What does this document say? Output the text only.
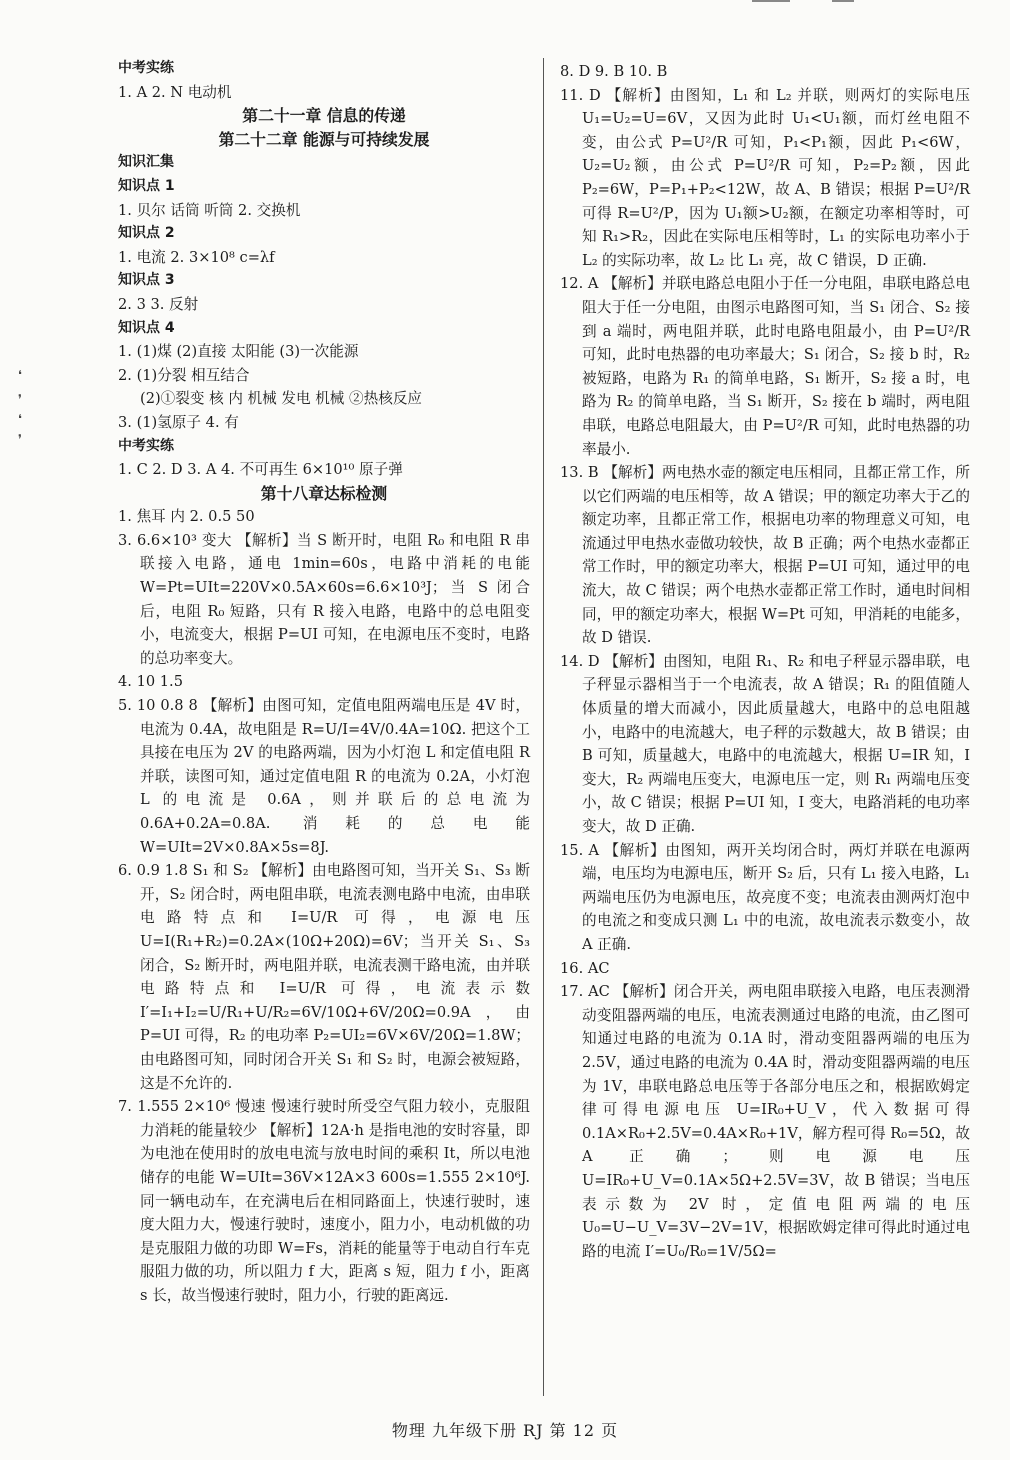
❛
❜
❛
❜
中考实练
1. A 2. N 电动机
第二十一章 信息的传递
第二十二章 能源与可持续发展
知识汇集
知识点 1
1. 贝尔 话筒 听筒 2. 交换机
知识点 2
1. 电流 2. 3×10⁸ c=λf
知识点 3
2. 3 3. 反射
知识点 4
1. (1)煤 (2)直接 太阳能 (3)一次能源
2. (1)分裂 相互结合
(2)①裂变 核 内 机械 发电 机械 ②热核反应
3. (1)氢原子 4. 有
中考实练
1. C 2. D 3. A 4. 不可再生 6×10¹⁰ 原子弹
第十八章达标检测
1. 焦耳 内 2. 0.5 50
3. 6.6×10³ 变大 【解析】当 S 断开时，电阻 R₀ 和电阻 R 串联接入电路，通电 1min=60s，电路中消耗的电能 W=Pt=UIt=220V×0.5A×60s=6.6×10³J；当 S 闭合后，电阻 R₀ 短路，只有 R 接入电路，电路中的总电阻变小，电流变大，根据 P=UI 可知，在电源电压不变时，电路的总功率变大。
4. 10 1.5
5. 10 0.8 8 【解析】由图可知，定值电阻两端电压是 4V 时，电流为 0.4A，故电阻是 R=U/I=4V/0.4A=10Ω. 把这个工具接在电压为 2V 的电路两端，因为小灯泡 L 和定值电阻 R 并联，读图可知，通过定值电阻 R 的电流为 0.2A，小灯泡 L 的电流是 0.6A，则并联后的总电流为 0.6A+0.2A=0.8A. 消耗的总电能 W=UIt=2V×0.8A×5s=8J.
6. 0.9 1.8 S₁ 和 S₂ 【解析】由电路图可知，当开关 S₁、S₃ 断开，S₂ 闭合时，两电阻串联，电流表测电路中电流，由串联电路特点和 I=U/R 可得，电源电压 U=I(R₁+R₂)=0.2A×(10Ω+20Ω)=6V；当开关 S₁、S₃ 闭合，S₂ 断开时，两电阻并联，电流表测干路电流，由并联电路特点和 I=U/R 可得，电流表示数 I′=I₁+I₂=U/R₁+U/R₂=6V/10Ω+6V/20Ω=0.9A，由 P=UI 可得，R₂ 的电功率 P₂=UI₂=6V×6V/20Ω=1.8W；由电路图可知，同时闭合开关 S₁ 和 S₂ 时，电源会被短路，这是不允许的.
7. 1.555 2×10⁶ 慢速 慢速行驶时所受空气阻力较小，克服阻力消耗的能量较少 【解析】12A·h 是指电池的安时容量，即为电池在使用时的放电电流与放电时间的乘积 It，所以电池储存的电能 W=UIt=36V×12A×3 600s=1.555 2×10⁶J. 同一辆电动车，在充满电后在相同路面上，快速行驶时，速度大阻力大，慢速行驶时，速度小，阻力小，电动机做的功是克服阻力做的功即 W=Fs，消耗的能量等于电动自行车克服阻力做的功，所以阻力 f 大，距离 s 短，阻力 f 小，距离 s 长，故当慢速行驶时，阻力小，行驶的距离远.
8. D 9. B 10. B
11. D 【解析】由图知，L₁ 和 L₂ 并联，则两灯的实际电压 U₁=U₂=U=6V，又因为此时 U₁<U₁额，而灯丝电阻不变，由公式 P=U²/R 可知，P₁<P₁额，因此 P₁<6W，U₂=U₂额，由公式 P=U²/R 可知，P₂=P₂额，因此 P₂=6W，P=P₁+P₂<12W，故 A、B 错误；根据 P=U²/R 可得 R=U²/P，因为 U₁额>U₂额，在额定功率相等时，可知 R₁>R₂，因此在实际电压相等时，L₁ 的实际电功率小于 L₂ 的实际功率，故 L₂ 比 L₁ 亮，故 C 错误，D 正确.
12. A 【解析】并联电路总电阻小于任一分电阻，串联电路总电阻大于任一分电阻，由图示电路图可知，当 S₁ 闭合、S₂ 接到 a 端时，两电阻并联，此时电路电阻最小，由 P=U²/R 可知，此时电热器的电功率最大；S₁ 闭合，S₂ 接 b 时，R₂ 被短路，电路为 R₁ 的简单电路，S₁ 断开，S₂ 接 a 时，电路为 R₂ 的简单电路，当 S₁ 断开，S₂ 接在 b 端时，两电阻串联，电路总电阻最大，由 P=U²/R 可知，此时电热器的功率最小.
13. B 【解析】两电热水壶的额定电压相同，且都正常工作，所以它们两端的电压相等，故 A 错误；甲的额定功率大于乙的额定功率，且都正常工作，根据电功率的物理意义可知，电流通过甲电热水壶做功较快，故 B 正确；两个电热水壶都正常工作时，甲的额定功率大，根据 P=UI 可知，通过甲的电流大，故 C 错误；两个电热水壶都正常工作时，通电时间相同，甲的额定功率大，根据 W=Pt 可知，甲消耗的电能多，故 D 错误.
14. D 【解析】由图知，电阻 R₁、R₂ 和电子秤显示器串联，电子秤显示器相当于一个电流表，故 A 错误；R₁ 的阻值随人体质量的增大而减小，因此质量越大，电路中的总电阻越小，电路中的电流越大，电子秤的示数越大，故 B 错误；由 B 可知，质量越大，电路中的电流越大，根据 U=IR 知，I 变大，R₂ 两端电压变大，电源电压一定，则 R₁ 两端电压变小，故 C 错误；根据 P=UI 知，I 变大，电路消耗的电功率变大，故 D 正确.
15. A 【解析】由图知，两开关均闭合时，两灯并联在电源两端，电压均为电源电压，断开 S₂ 后，只有 L₁ 接入电路，L₁ 两端电压仍为电源电压，故亮度不变；电流表由测两灯泡中的电流之和变成只测 L₁ 中的电流，故电流表示数变小，故 A 正确.
16. AC
17. AC 【解析】闭合开关，两电阻串联接入电路，电压表测滑动变阻器两端的电压，电流表测通过电路的电流，由乙图可知通过电路的电流为 0.1A 时，滑动变阻器两端的电压为 2.5V，通过电路的电流为 0.4A 时，滑动变阻器两端的电压为 1V，串联电路总电压等于各部分电压之和，根据欧姆定律可得电源电压 U=IR₀+U_V，代入数据可得 0.1A×R₀+2.5V=0.4A×R₀+1V，解方程可得 R₀=5Ω，故 A 正确；则电源电压 U=IR₀+U_V=0.1A×5Ω+2.5V=3V，故 B 错误；当电压表示数为 2V 时，定值电阻两端的电压 U₀=U−U_V=3V−2V=1V，根据欧姆定律可得此时通过电路的电流 I′=U₀/R₀=1V/5Ω=
物理 九年级下册 RJ 第 12 页
